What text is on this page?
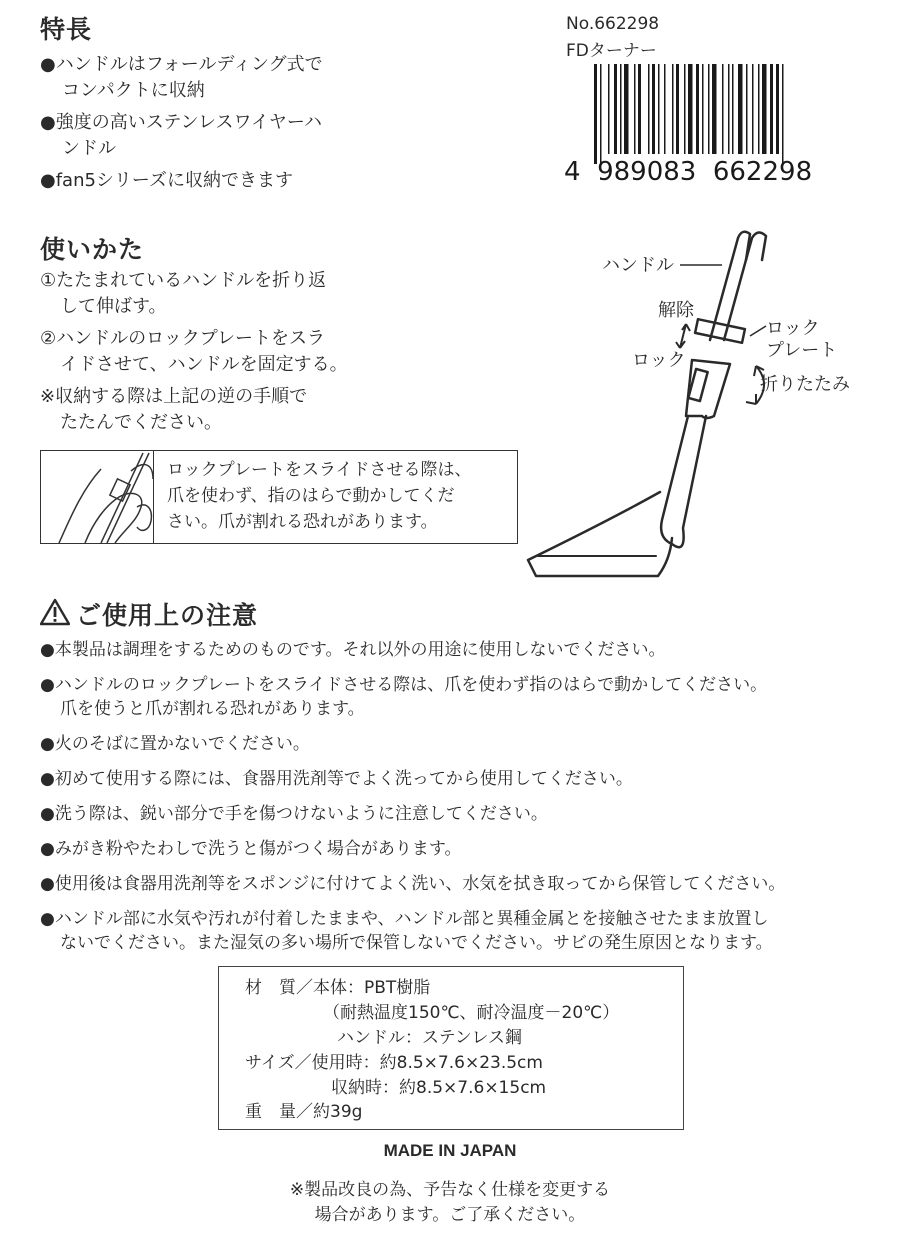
No.662298
FDターナー
4  989083  662298
特長
●ハンドルはフォールディング式で
コンパクトに収納
●強度の高いステンレスワイヤーハ
ンドル
●fan5シリーズに収納できます
使いかた
①たたまれているハンドルを折り返
して伸ばす。
②ハンドルのロックプレートをスラ
イドさせて、ハンドルを固定する。
※収納する際は上記の逆の手順で
たたんでください。
ロックプレートをスライドさせる際は、
爪を使わず、指のはらで動かしてくだ
さい。爪が割れる恐れがあります。
ハンドル
解除
ロック
プレート
ロック
折りたたみ
ご使用上の注意
●本製品は調理をするためのものです。それ以外の用途に使用しないでください。
●ハンドルのロックプレートをスライドさせる際は、爪を使わず指のはらで動かしてください。
爪を使うと爪が割れる恐れがあります。
●火のそばに置かないでください。
●初めて使用する際には、食器用洗剤等でよく洗ってから使用してください。
●洗う際は、鋭い部分で手を傷つけないように注意してください。
●みがき粉やたわしで洗うと傷がつく場合があります。
●使用後は食器用洗剤等をスポンジに付けてよく洗い、水気を拭き取ってから保管してください。
●ハンドル部に水気や汚れが付着したままや、ハンドル部と異種金属とを接触させたまま放置し
ないでください。また湿気の多い場所で保管しないでください。サビの発生原因となります。
材　質／本体：PBT樹脂
（耐熱温度150℃、耐冷温度－20℃）
ハンドル：ステンレス鋼
サイズ／使用時：約8.5×7.6×23.5cm
収納時：約8.5×7.6×15cm
重　量／約39g
MADE IN JAPAN
※製品改良の為、予告なく仕様を変更する
場合があります。ご了承ください。
